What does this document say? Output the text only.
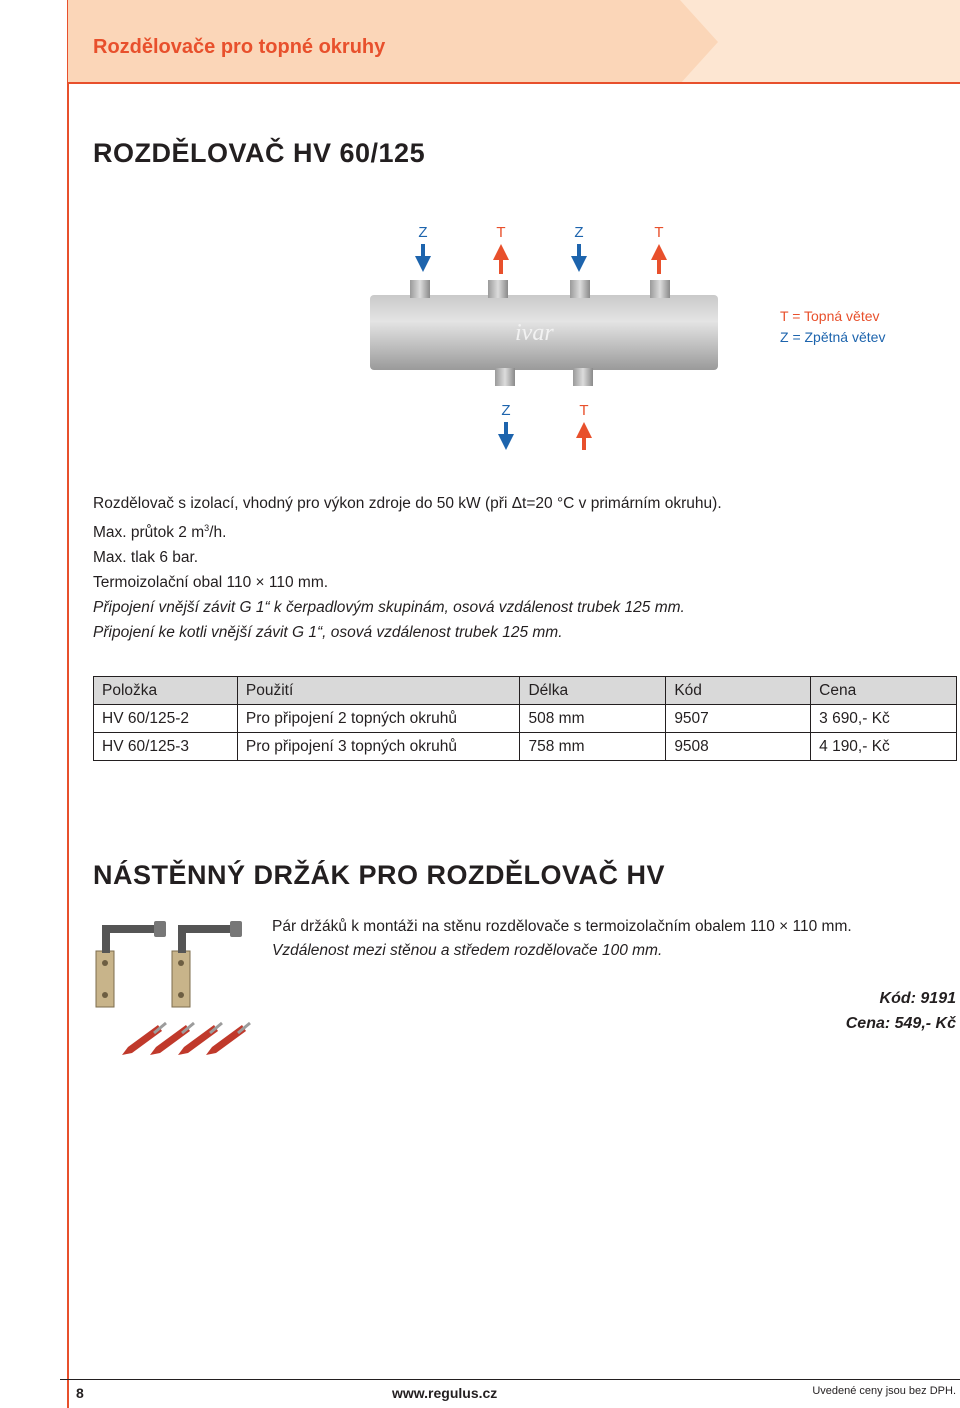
Rozdělovače pro topné okruhy
ROZDĚLOVAČ HV 60/125
ivar
Z	T	Z	T
Z	T
T = Topná větev
Z = Zpětná větev
Rozdělovač s izolací, vhodný pro výkon zdroje do 50 kW (při Δt=20 °C v primárním okruhu).
Max. průtok 2 $m^3/h$.
Max. tlak 6 bar.
Termoizolační obal 110 × 110 mm.
Připojení vnější závit G 1“ k čerpadlovým skupinám, osová vzdálenost trubek 125 mm.
Připojení ke kotli vnější závit G 1“, osová vzdálenost trubek 125 mm.
Položka	Použití	Délka	Kód	Cena
HV 60/125-2	Pro připojení 2 topných okruhů	508 mm	9507	3 690,- Kč
HV 60/125-3	Pro připojení 3 topných okruhů	758 mm	9508	4 190,- Kč
NÁSTĚNNÝ DRŽÁK PRO ROZDĚLOVAČ HV
Pár držáků k montáži na stěnu rozdělovače s termoizolačním obalem 110 × 110 mm.
Vzdálenost mezi stěnou a středem rozdělovače 100 mm.
Kód: 9191
Cena: 549,- Kč
8	www.regulus.cz	Uvedené ceny jsou bez DPH.
